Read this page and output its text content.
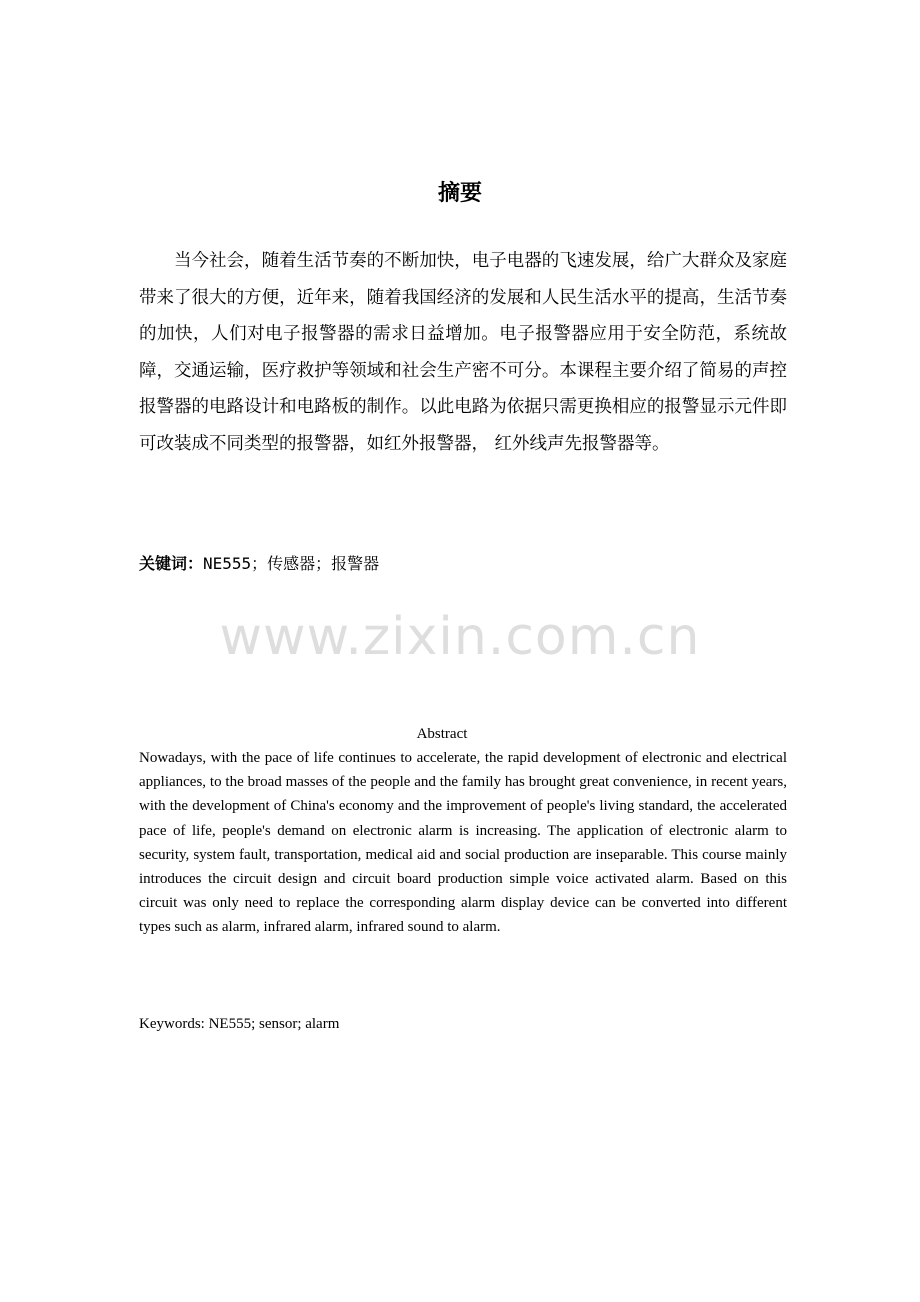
摘要

当今社会，随着生活节奏的不断加快，电子电器的飞速发展，给广大群众及家庭带来了很大的方便，近年来，随着我国经济的发展和人民生活水平的提高，生活节奏的加快，人们对电子报警器的需求日益增加。电子报警器应用于安全防范，系统故障，交通运输，医疗救护等领域和社会生产密不可分。本课程主要介绍了简易的声控报警器的电路设计和电路板的制作。以此电路为依据只需更换相应的报警显示元件即可改装成不同类型的报警器，如红外报警器， 红外线声先报警器等。

关键词：NE555；传感器；报警器
www.zixin.com.cn
Abstract

Nowadays, with the pace of life continues to accelerate, the rapid development of electronic and electrical appliances, to the broad masses of the people and the family has brought great convenience, in recent years, with the development of China's economy and the improvement of people's living standard, the accelerated pace of life, people's demand on electronic alarm is increasing. The application of electronic alarm to security, system fault, transportation, medical aid and social production are inseparable. This course mainly introduces the circuit design and circuit board production simple voice activated alarm. Based on this circuit was only need to replace the corresponding alarm display device can be converted into different types such as alarm, infrared alarm, infrared sound to alarm.

Keywords: NE555; sensor; alarm
